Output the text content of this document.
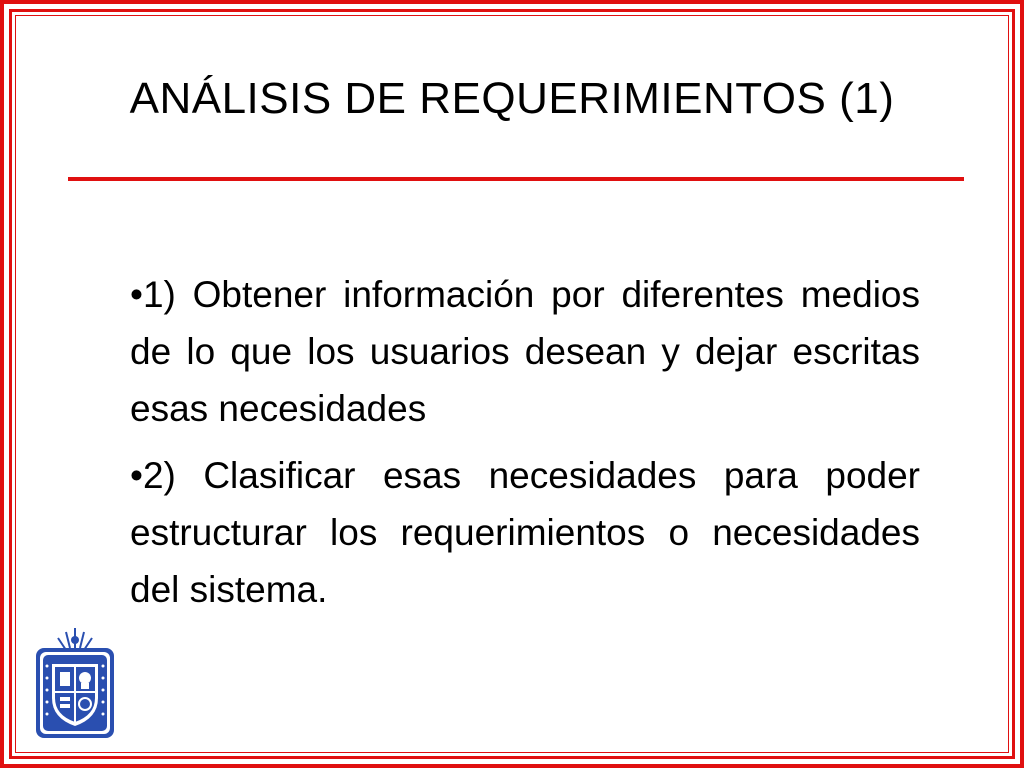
ANÁLISIS DE REQUERIMIENTOS (1)

•1) Obtener información por diferentes medios de lo que los usuarios desean y dejar escritas esas necesidades

•2) Clasificar esas necesidades para poder estructurar los requerimientos o necesidades del sistema.
